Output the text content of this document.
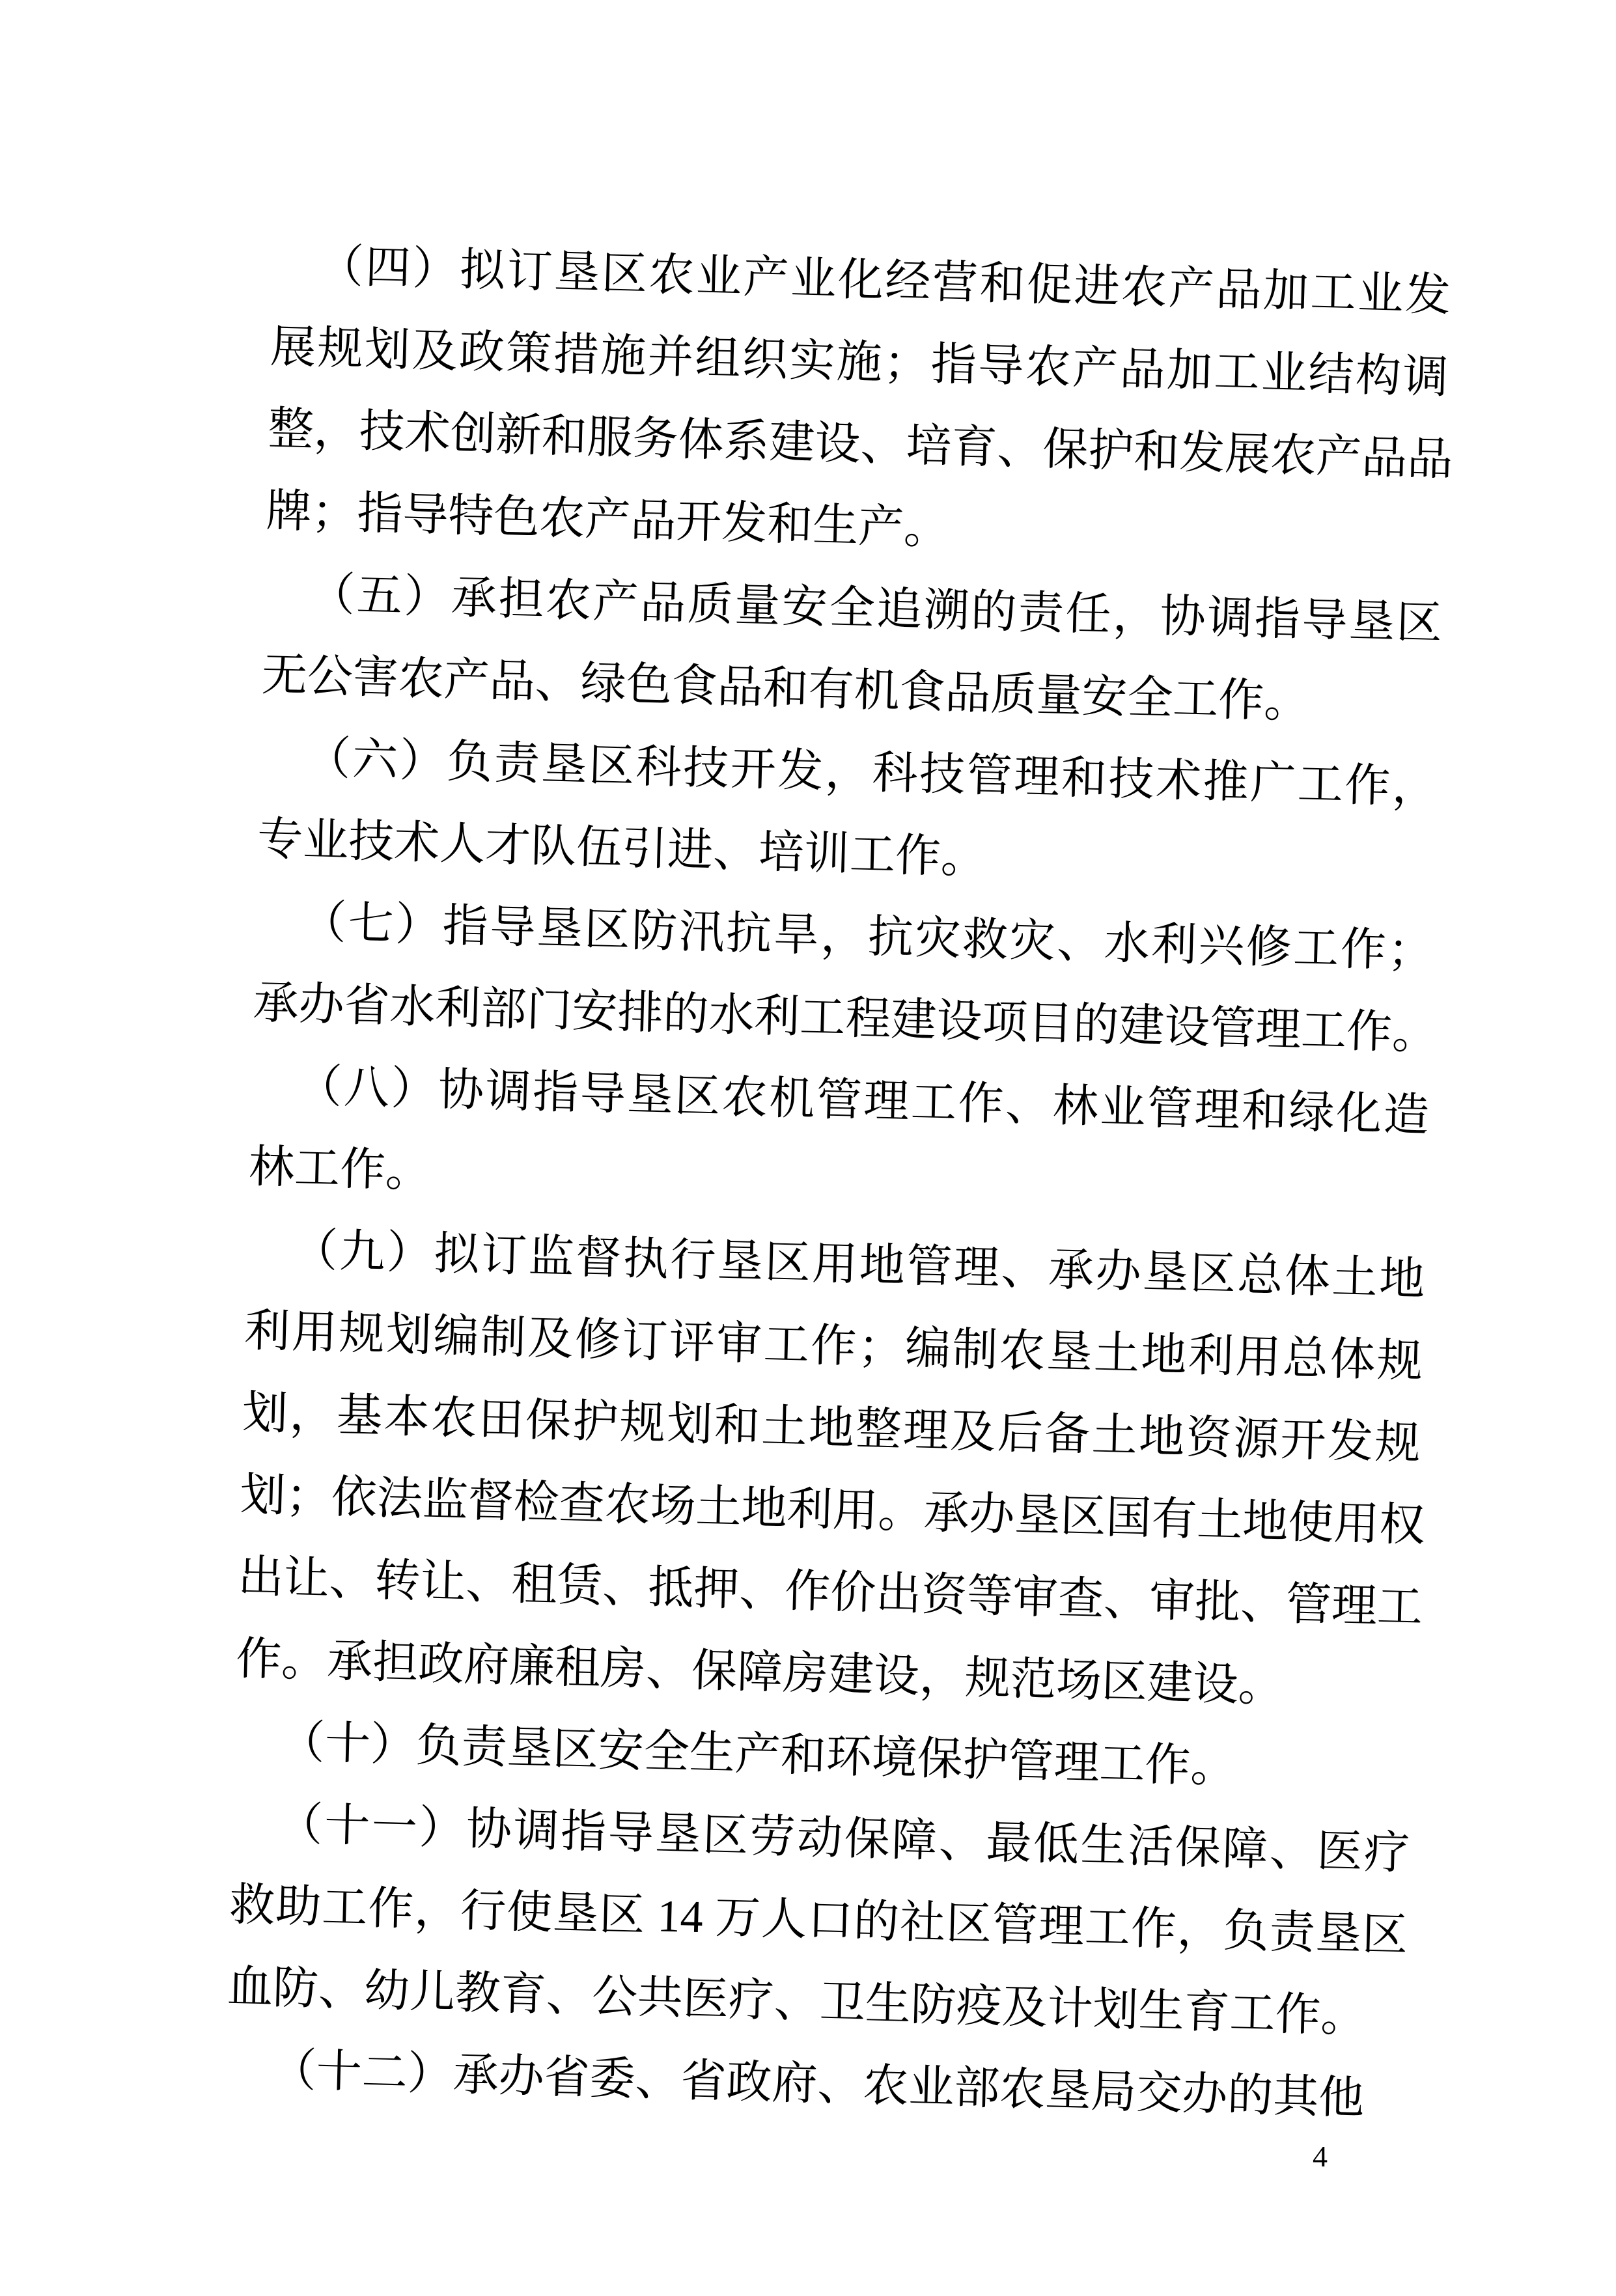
（四）拟订垦区农业产业化经营和促进农产品加工业发
展规划及政策措施并组织实施；指导农产品加工业结构调
整，技术创新和服务体系建设、培育、保护和发展农产品品
牌；指导特色农产品开发和生产。
（五）承担农产品质量安全追溯的责任，协调指导垦区
无公害农产品、绿色食品和有机食品质量安全工作。
（六）负责垦区科技开发，科技管理和技术推广工作，
专业技术人才队伍引进、培训工作。
（七）指导垦区防汛抗旱，抗灾救灾、水利兴修工作；
承办省水利部门安排的水利工程建设项目的建设管理工作。
（八）协调指导垦区农机管理工作、林业管理和绿化造
林工作。
（九）拟订监督执行垦区用地管理、承办垦区总体土地
利用规划编制及修订评审工作；编制农垦土地利用总体规
划，基本农田保护规划和土地整理及后备土地资源开发规
划；依法监督检查农场土地利用。承办垦区国有土地使用权
出让、转让、租赁、抵押、作价出资等审查、审批、管理工
作。承担政府廉租房、保障房建设，规范场区建设。
（十）负责垦区安全生产和环境保护管理工作。
（十一）协调指导垦区劳动保障、最低生活保障、医疗
救助工作，行使垦区 14 万人口的社区管理工作，负责垦区
血防、幼儿教育、公共医疗、卫生防疫及计划生育工作。
（十二）承办省委、省政府、农业部农垦局交办的其他
4
